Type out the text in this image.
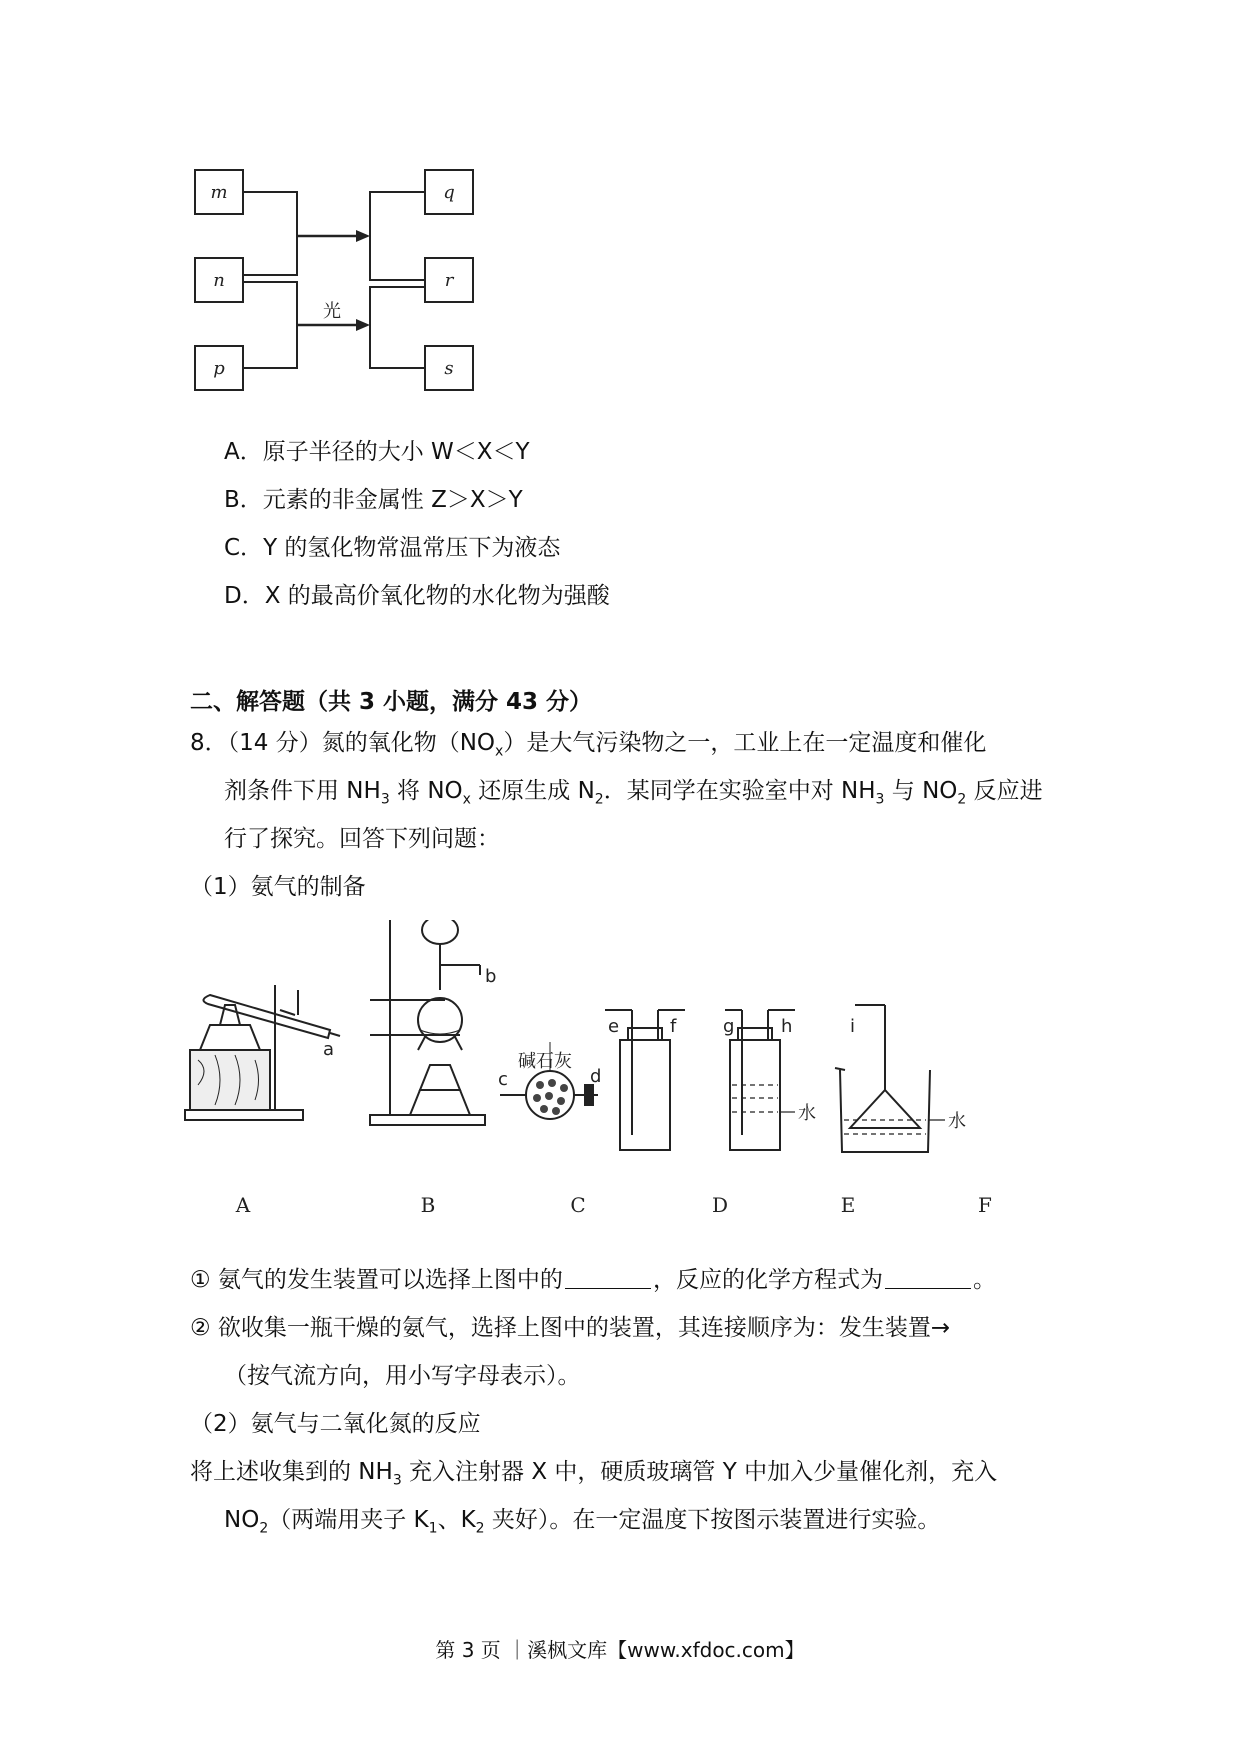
m
n
p
q
r
s
光
A．原子半径的大小 W＜X＜Y
B．元素的非金属性 Z＞X＞Y
C．Y 的氢化物常温常压下为液态
D．X 的最高价氧化物的水化物为强酸
二、解答题（共 3 小题，满分 43 分）
8．（14 分）氮的氧化物$(NO_x)$是大气污染物之一，工业上在一定温度和催化
剂条件下用 $NH_3$ 将 $NO_x$ 还原生成 $N_2$．某同学在实验室中对 $NH_3$ 与 $NO_2$ 反应进
行了探究。回答下列问题：
（1）氨气的制备
a
b
c	d
e	f	g	h	i
碱石灰
水	水
A	B	C	D	E	F
① 氨气的发生装置可以选择上图中的	，反应的化学方程式为	。
② 欲收集一瓶干燥的氨气，选择上图中的装置，其连接顺序为：发生装置→
（按气流方向，用小写字母表示）。
（2）氨气与二氧化氮的反应
将上述收集到的 $NH_3$ 充入注射器 X 中，硬质玻璃管 Y 中加入少量催化剂，充入
$NO_2$（两端用夹子 $K_1$、$K_2$ 夹好）。在一定温度下按图示装置进行实验。
第 3 页 ｜溪枫文库【www.xfdoc.com】
